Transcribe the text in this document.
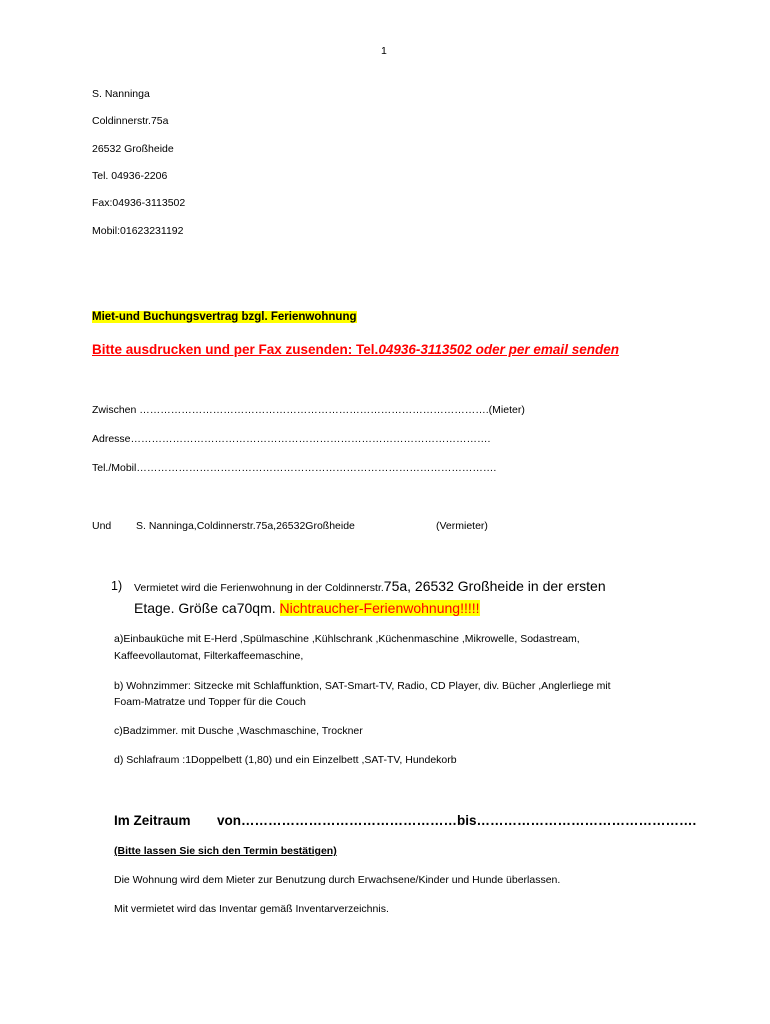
1
S. Nanninga
Coldinnerstr.75a
26532 Großheide
Tel. 04936-2206
Fax:04936-3113502
Mobil:01623231192
Miet-und Buchungsvertrag bzgl. Ferienwohnung
Bitte ausdrucken und per Fax zusenden: Tel.04936-3113502 oder per email senden
Zwischen ……………………………………………………………………………………….(Mieter)
Adresse………………………………………………………………………………………….
Tel./Mobil………………………………………………………………………………………….
Und S. Nanninga,Coldinnerstr.75a,26532Großheide	(Vermieter)
1) Vermietet wird die Ferienwohnung in der Coldinnerstr.75a, 26532 Großheide in der ersten
Etage. Größe ca70qm. Nichtraucher-Ferienwohnung!!!!!
a)Einbauküche mit E-Herd ,Spülmaschine ,Kühlschrank ,Küchenmaschine ,Mikrowelle, Sodastream,
Kaffeevollautomat, Filterkaffeemaschine,
b) Wohnzimmer: Sitzecke mit Schlaffunktion, SAT-Smart-TV, Radio, CD Player, div. Bücher ,Anglerliege mit
Foam-Matratze und Topper für die Couch
c)Badzimmer. mit Dusche ,Waschmaschine, Trockner
d) Schlafraum :1Doppelbett (1,80) und ein Einzelbett ,SAT-TV, Hundekorb
Im Zeitraum von…………………………………………bis………………………………………….
(Bitte lassen Sie sich den Termin bestätigen)
Die Wohnung wird dem Mieter zur Benutzung durch Erwachsene/Kinder und Hunde überlassen.
Mit vermietet wird das Inventar gemäß Inventarverzeichnis.
